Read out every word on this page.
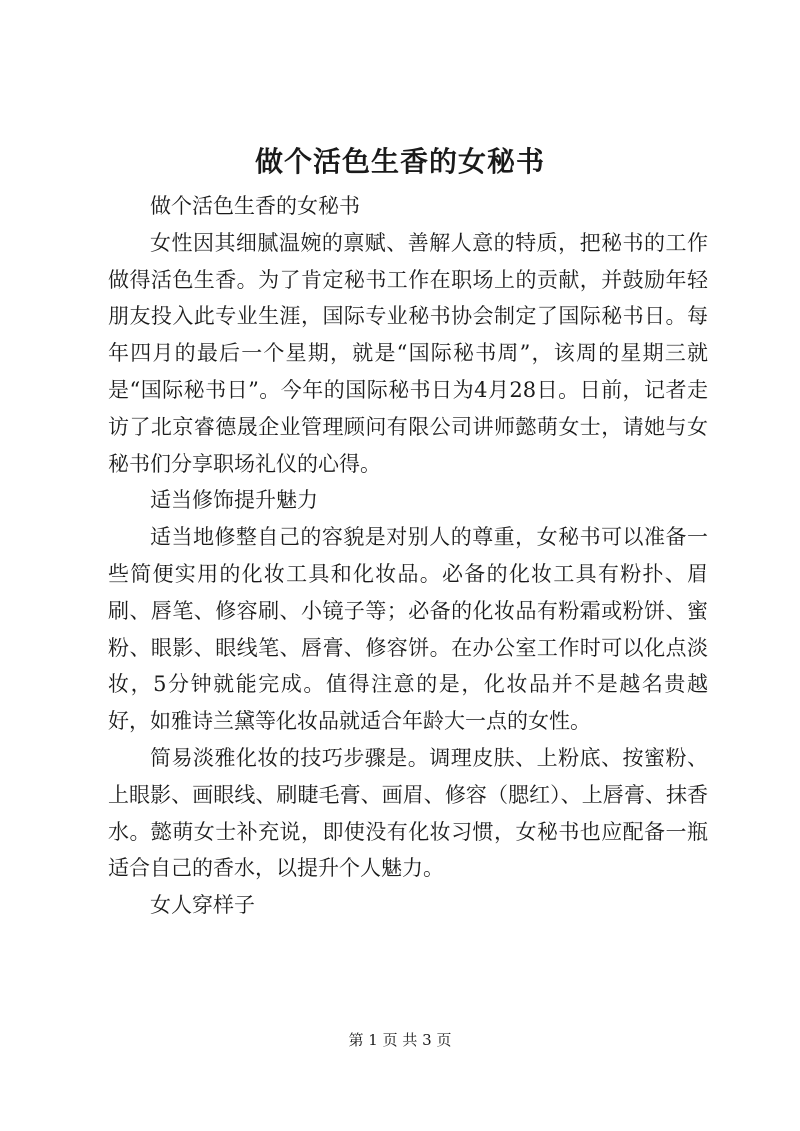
做个活色生香的女秘书

做个活色生香的女秘书

女性因其细腻温婉的禀赋、善解人意的特质，把秘书的工作做得活色生香。为了肯定秘书工作在职场上的贡献，并鼓励年轻朋友投入此专业生涯，国际专业秘书协会制定了国际秘书日。每年四月的最后一个星期，就是“国际秘书周”，该周的星期三就是“国际秘书日”。今年的国际秘书日为4月28日。日前，记者走访了北京睿德晟企业管理顾问有限公司讲师懿萌女士，请她与女秘书们分享职场礼仪的心得。

适当修饰提升魅力

适当地修整自己的容貌是对别人的尊重，女秘书可以准备一些简便实用的化妆工具和化妆品。必备的化妆工具有粉扑、眉刷、唇笔、修容刷、小镜子等；必备的化妆品有粉霜或粉饼、蜜粉、眼影、眼线笔、唇膏、修容饼。在办公室工作时可以化点淡妆，5分钟就能完成。值得注意的是，化妆品并不是越名贵越好，如雅诗兰黛等化妆品就适合年龄大一点的女性。

简易淡雅化妆的技巧步骤是。调理皮肤、上粉底、按蜜粉、上眼影、画眼线、刷睫毛膏、画眉、修容（腮红）、上唇膏、抹香水。懿萌女士补充说，即使没有化妆习惯，女秘书也应配备一瓶适合自己的香水，以提升个人魅力。

女人穿样子

第 1 页 共 3 页
